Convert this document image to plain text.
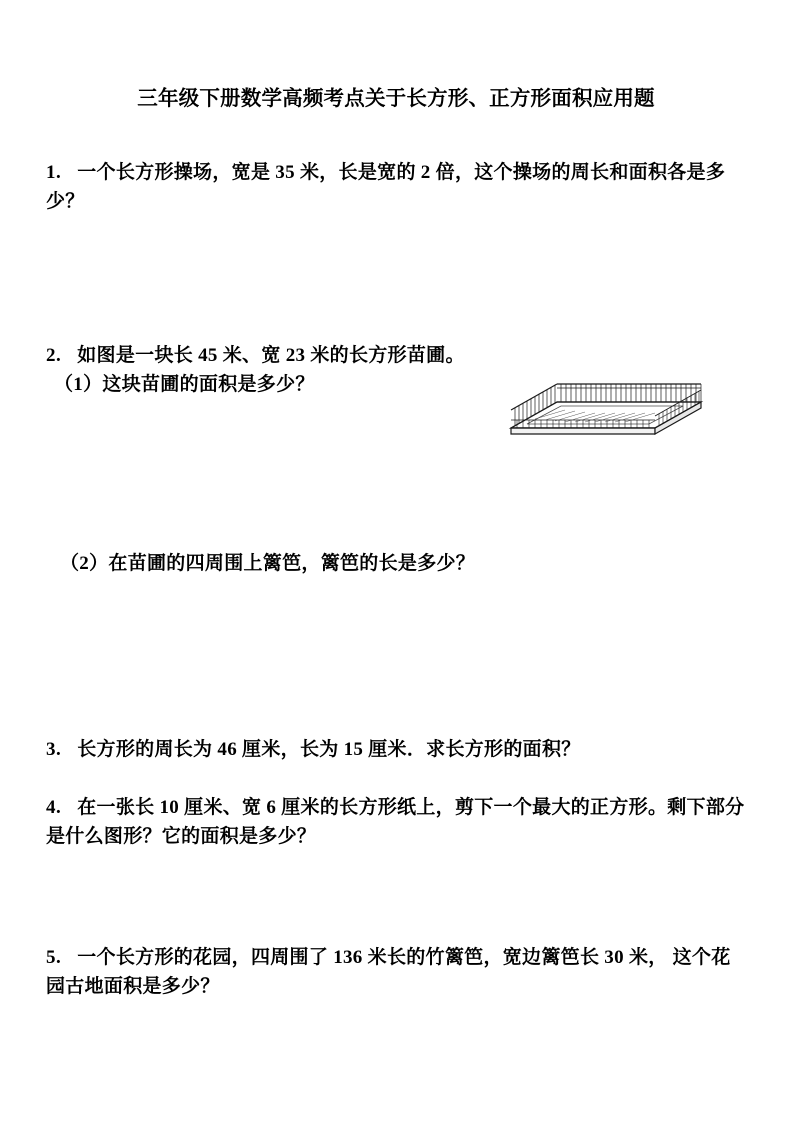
三年级下册数学高频考点关于长方形、正方形面积应用题
1. 一个长方形操场，宽是 35 米，长是宽的 2 倍，这个操场的周长和面积各是多少？
2. 如图是一块长 45 米、宽 23 米的长方形苗圃。
（1）这块苗圃的面积是多少？
（2）在苗圃的四周围上篱笆，篱笆的长是多少？
3. 长方形的周长为 46 厘米，长为 15 厘米．求长方形的面积？
4. 在一张长 10 厘米、宽 6 厘米的长方形纸上，剪下一个最大的正方形。剩下部分是什么图形？它的面积是多少？
5. 一个长方形的花园，四周围了 136 米长的竹篱笆，宽边篱笆长 30 米， 这个花园古地面积是多少？
